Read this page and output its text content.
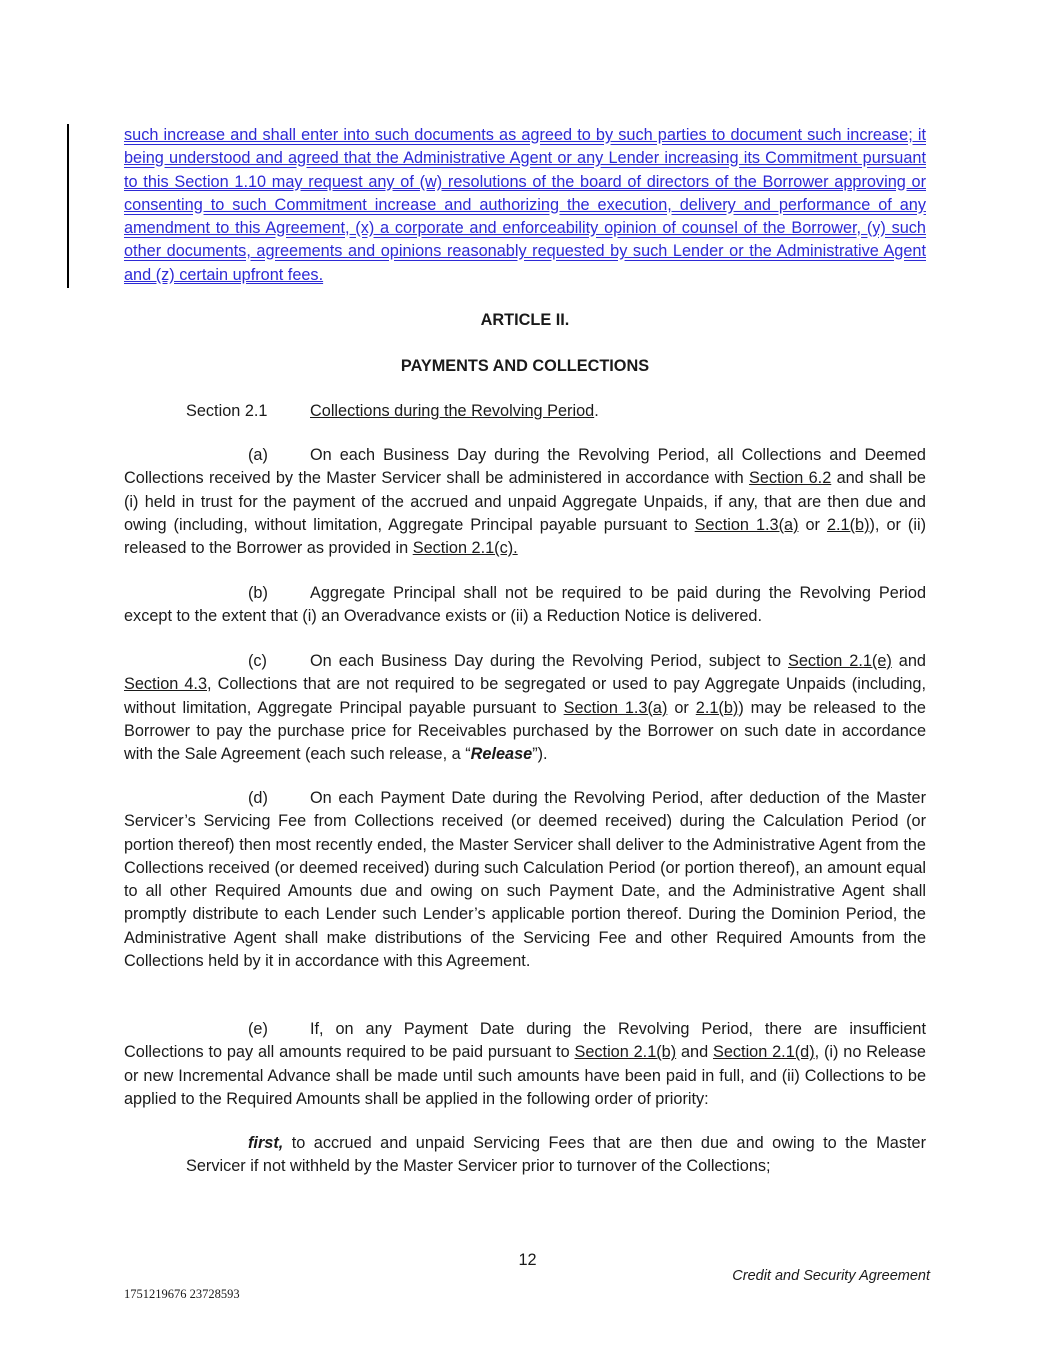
such increase and shall enter into such documents as agreed to by such parties to document such increase; it being understood and agreed that the Administrative Agent or any Lender increasing its Commitment pursuant to this Section 1.10 may request any of (w) resolutions of the board of directors of the Borrower approving or consenting to such Commitment increase and authorizing the execution, delivery and performance of any amendment to this Agreement, (x) a corporate and enforceability opinion of counsel of the Borrower, (y) such other documents, agreements and opinions reasonably requested by such Lender or the Administrative Agent and (z) certain upfront fees.

ARTICLE II.

PAYMENTS AND COLLECTIONS

Section 2.1	Collections during the Revolving Period.

(a)	On each Business Day during the Revolving Period, all Collections and Deemed Collections received by the Master Servicer shall be administered in accordance with Section 6.2 and shall be (i) held in trust for the payment of the accrued and unpaid Aggregate Unpaids, if any, that are then due and owing (including, without limitation, Aggregate Principal payable pursuant to Section 1.3(a) or 2.1(b)), or (ii) released to the Borrower as provided in Section 2.1(c).

(b)	Aggregate Principal shall not be required to be paid during the Revolving Period except to the extent that (i) an Overadvance exists or (ii) a Reduction Notice is delivered.

(c)	On each Business Day during the Revolving Period, subject to Section 2.1(e) and Section 4.3, Collections that are not required to be segregated or used to pay Aggregate Unpaids (including, without limitation, Aggregate Principal payable pursuant to Section 1.3(a) or 2.1(b)) may be released to the Borrower to pay the purchase price for Receivables purchased by the Borrower on such date in accordance with the Sale Agreement (each such release, a “Release”).

(d)	On each Payment Date during the Revolving Period, after deduction of the Master Servicer’s Servicing Fee from Collections received (or deemed received) during the Calculation Period (or portion thereof) then most recently ended, the Master Servicer shall deliver to the Administrative Agent from the Collections received (or deemed received) during such Calculation Period (or portion thereof), an amount equal to all other Required Amounts due and owing on such Payment Date, and the Administrative Agent shall promptly distribute to each Lender such Lender’s applicable portion thereof. During the Dominion Period, the Administrative Agent shall make distributions of the Servicing Fee and other Required Amounts from the Collections held by it in accordance with this Agreement.

(e)	If, on any Payment Date during the Revolving Period, there are insufficient Collections to pay all amounts required to be paid pursuant to Section 2.1(b) and Section 2.1(d), (i) no Release or new Incremental Advance shall be made until such amounts have been paid in full, and (ii) Collections to be applied to the Required Amounts shall be applied in the following order of priority:

first, to accrued and unpaid Servicing Fees that are then due and owing to the Master Servicer if not withheld by the Master Servicer prior to turnover of the Collections;

12

Credit and Security Agreement

1751219676 23728593
